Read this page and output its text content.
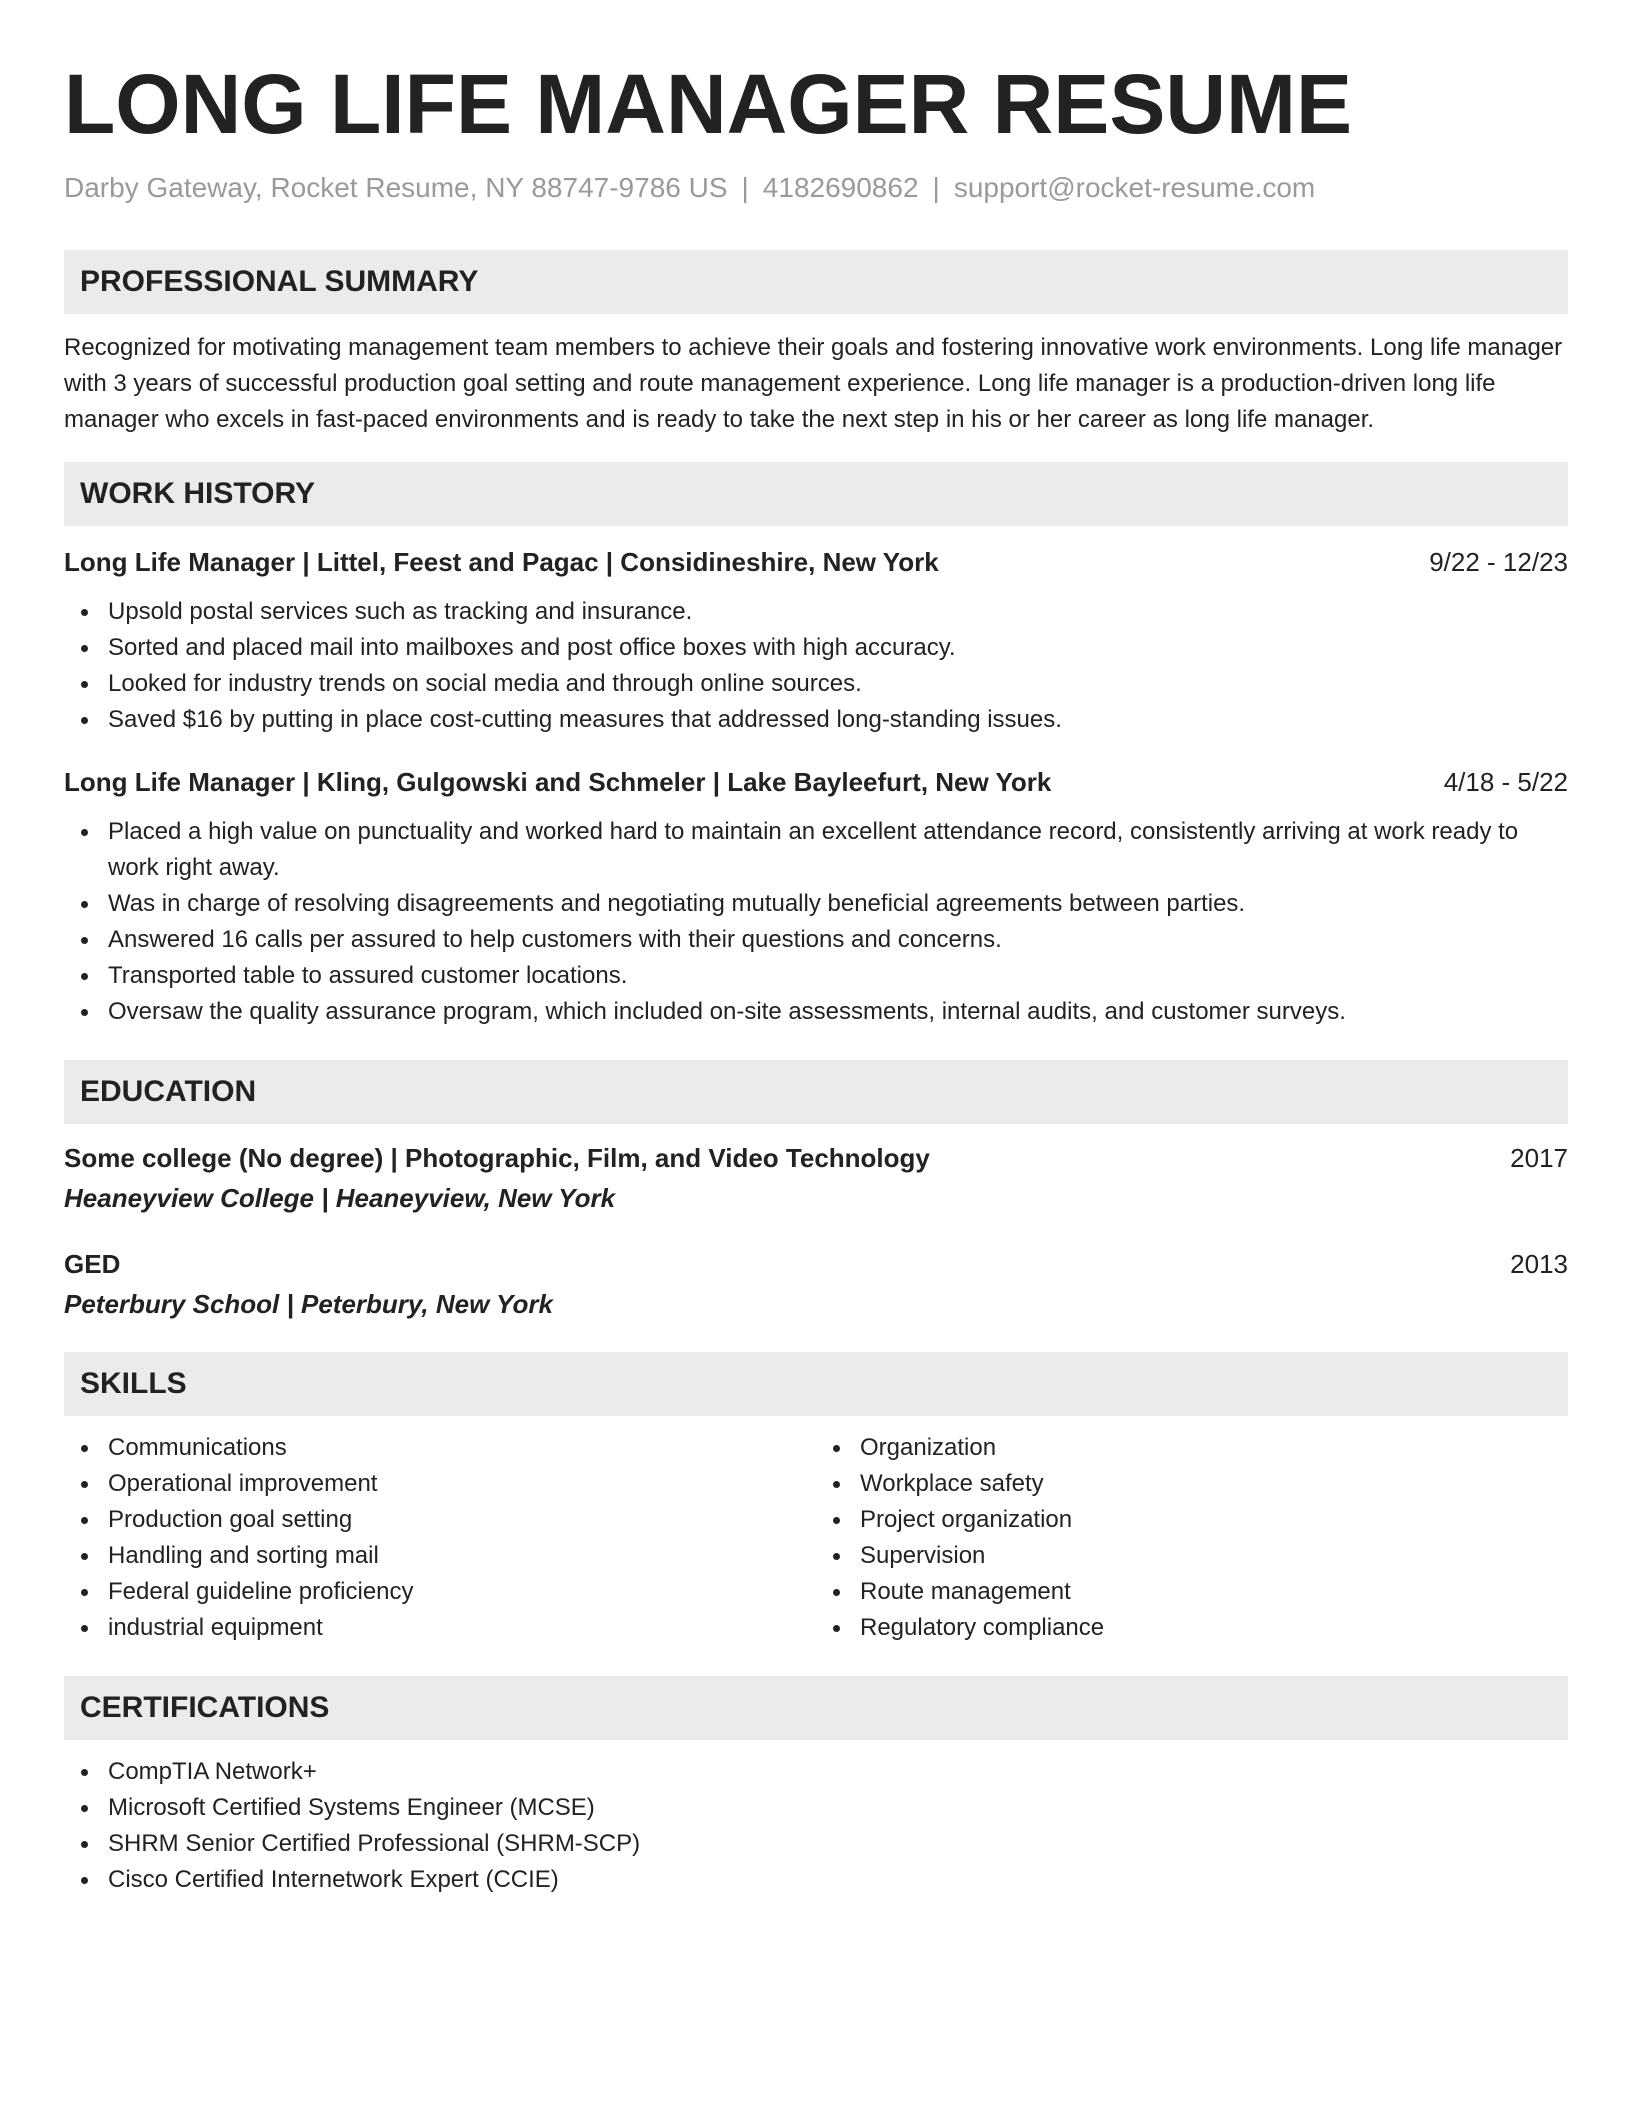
LONG LIFE MANAGER RESUME
Darby Gateway, Rocket Resume, NY 88747-9786 US | 4182690862 | support@rocket-resume.com
PROFESSIONAL SUMMARY

Recognized for motivating management team members to achieve their goals and fostering innovative work environments. Long life manager with 3 years of successful production goal setting and route management experience. Long life manager is a production-driven long life manager who excels in fast-paced environments and is ready to take the next step in his or her career as long life manager.

WORK HISTORY
Long Life Manager | Littel, Feest and Pagac | Considineshire, New York	9/22 - 12/23
Upsold postal services such as tracking and insurance.
Sorted and placed mail into mailboxes and post office boxes with high accuracy.
Looked for industry trends on social media and through online sources.
Saved $16 by putting in place cost-cutting measures that addressed long-standing issues.
Long Life Manager | Kling, Gulgowski and Schmeler | Lake Bayleefurt, New York	4/18 - 5/22
Placed a high value on punctuality and worked hard to maintain an excellent attendance record, consistently arriving at work ready to work right away.
Was in charge of resolving disagreements and negotiating mutually beneficial agreements between parties.
Answered 16 calls per assured to help customers with their questions and concerns.
Transported table to assured customer locations.
Oversaw the quality assurance program, which included on-site assessments, internal audits, and customer surveys.
EDUCATION
Some college (No degree) | Photographic, Film, and Video Technology	2017
Heaneyview College | Heaneyview, New York
GED	2013
Peterbury School | Peterbury, New York
SKILLS
Communications
Operational improvement
Production goal setting
Handling and sorting mail
Federal guideline proficiency
industrial equipment
Organization
Workplace safety
Project organization
Supervision
Route management
Regulatory compliance
CERTIFICATIONS
CompTIA Network+
Microsoft Certified Systems Engineer (MCSE)
SHRM Senior Certified Professional (SHRM-SCP)
Cisco Certified Internetwork Expert (CCIE)
